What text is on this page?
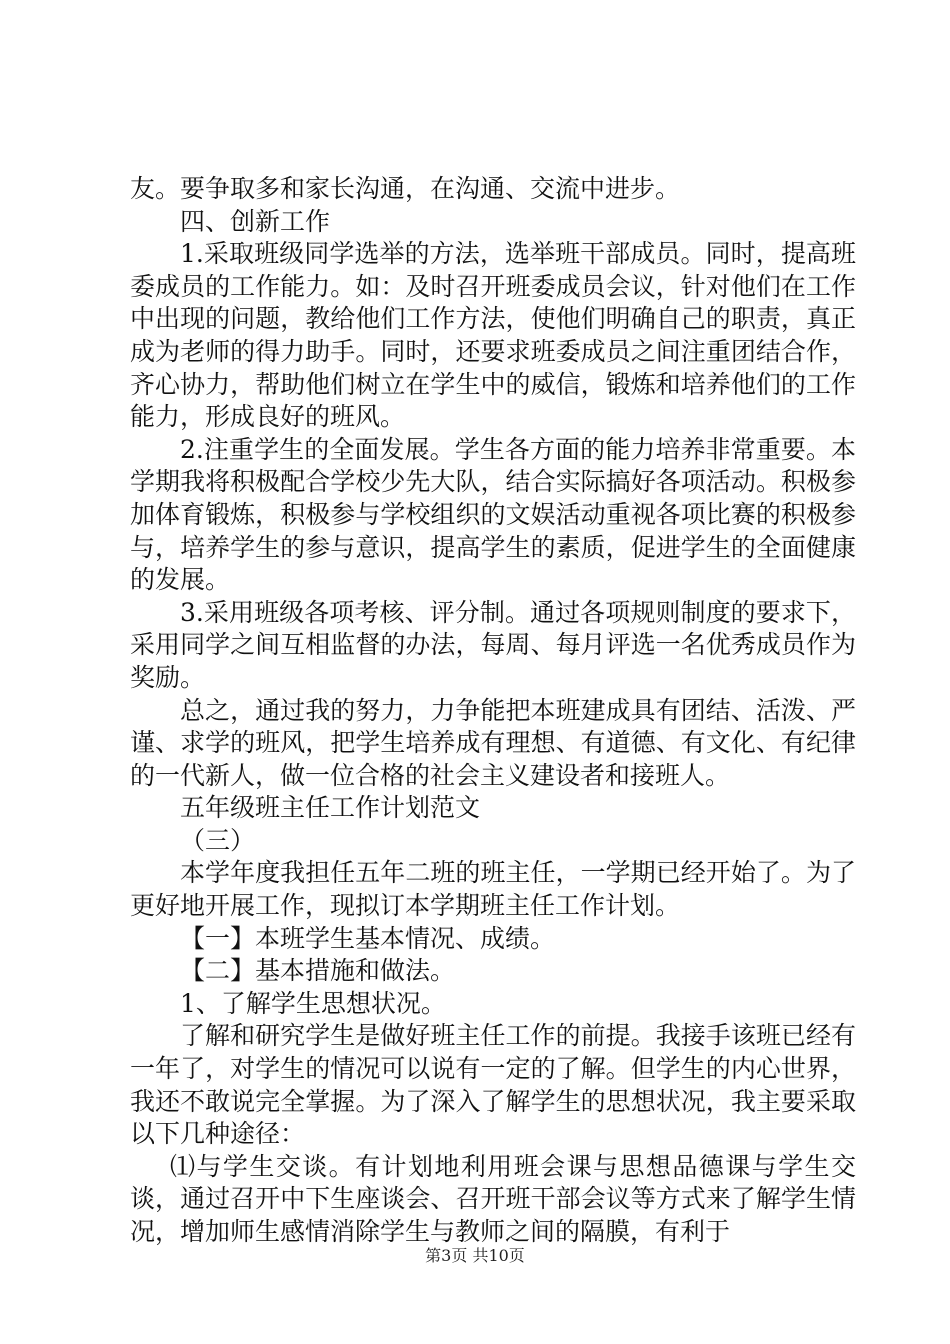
友。要争取多和家长沟通，在沟通、交流中进步。

四、创新工作

1.采取班级同学选举的方法，选举班干部成员。同时，提高班委成员的工作能力。如：及时召开班委成员会议，针对他们在工作中出现的问题，教给他们工作方法，使他们明确自己的职责，真正成为老师的得力助手。同时，还要求班委成员之间注重团结合作，齐心协力，帮助他们树立在学生中的威信，锻炼和培养他们的工作能力，形成良好的班风。

2.注重学生的全面发展。学生各方面的能力培养非常重要。本学期我将积极配合学校少先大队，结合实际搞好各项活动。积极参加体育锻炼，积极参与学校组织的文娱活动重视各项比赛的积极参与，培养学生的参与意识，提高学生的素质，促进学生的全面健康的发展。

3.采用班级各项考核、评分制。通过各项规则制度的要求下，采用同学之间互相监督的办法，每周、每月评选一名优秀成员作为奖励。

总之，通过我的努力，力争能把本班建成具有团结、活泼、严谨、求学的班风，把学生培养成有理想、有道德、有文化、有纪律的一代新人，做一位合格的社会主义建设者和接班人。

五年级班主任工作计划范文

（三）

本学年度我担任五年二班的班主任，一学期已经开始了。为了更好地开展工作，现拟订本学期班主任工作计划。

【一】本班学生基本情况、成绩。

【二】基本措施和做法。

1、了解学生思想状况。

了解和研究学生是做好班主任工作的前提。我接手该班已经有一年了，对学生的情况可以说有一定的了解。但学生的内心世界，我还不敢说完全掌握。为了深入了解学生的思想状况，我主要采取以下几种途径：

⑴与学生交谈。有计划地利用班会课与思想品德课与学生交谈，通过召开中下生座谈会、召开班干部会议等方式来了解学生情况，增加师生感情消除学生与教师之间的隔膜，有利于

第3页 共10页
